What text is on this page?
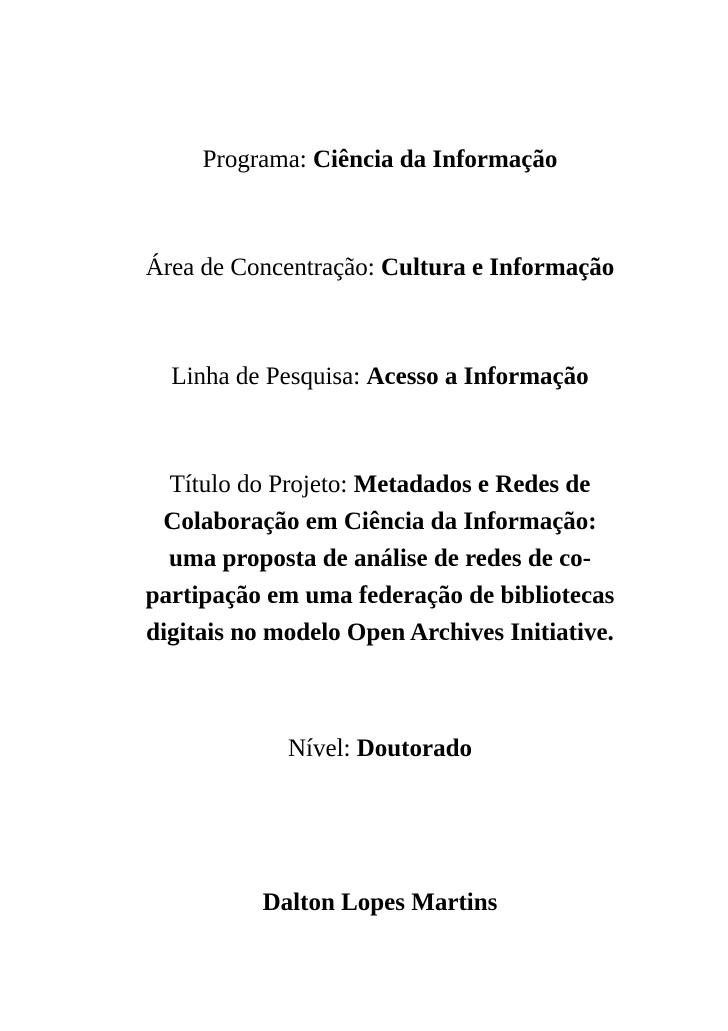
Programa: Ciência da Informação
Área de Concentração: Cultura e Informação
Linha de Pesquisa: Acesso a Informação
Título do Projeto: Metadados e Redes de
Colaboração em Ciência da Informação:
uma proposta de análise de redes de co-
partipação em uma federação de bibliotecas
digitais no modelo Open Archives Initiative.
Nível: Doutorado
Dalton Lopes Martins
